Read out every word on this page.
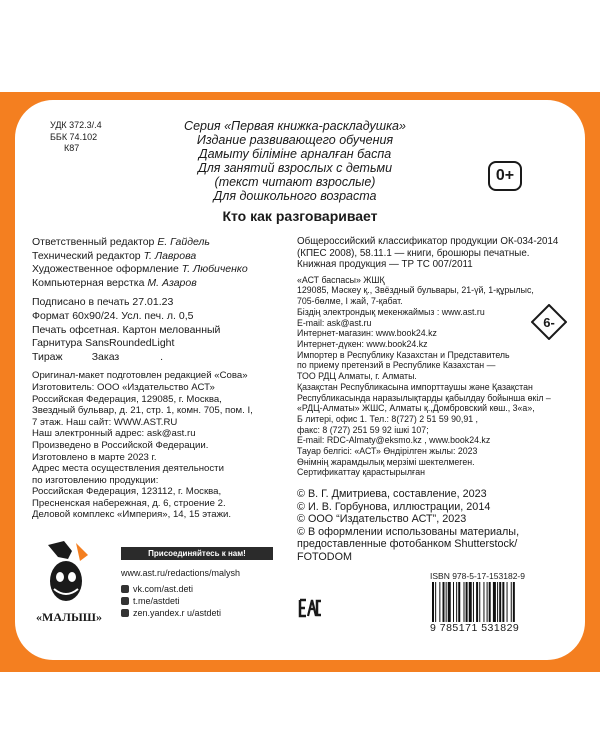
УДК 372.3/.4
ББК 74.102
К87
Серия «Первая книжка-раскладушка»
Издание развивающего обучения
Дамыту біліміне арналған баспа
Для занятий взрослых с детьми
(текст читают взрослые)
Для дошкольного возраста
0+
Кто как разговаривает
Ответственный редактор Е. Гайдель
Технический редактор Т. Лаврова
Художественное оформление Т. Любиченко
Компьютерная верстка М. Азаров
Подписано в печать 27.01.23
Формат 60х90/24. Усл. печ. л. 0,5
Печать офсетная. Картон мелованный
Гарнитура SansRoundedLight
Тираж          Заказ              .
Оригинал-макет подготовлен редакцией «Сова»
Изготовитель: ООО «Издательство АСТ»
Российская Федерация, 129085, г. Москва,
Звездный бульвар, д. 21, стр. 1, комн. 705, пом. I,
7 этаж. Наш сайт: WWW.AST.RU
Наш электронный адрес: ask@ast.ru
Произведено в Российской Федерации.
Изготовлено в марте 2023 г.
Адрес места осуществления деятельности
по изготовлению продукции:
Российская Федерация, 123112, г. Москва,
Пресненская набережная, д. 6, строение 2.
Деловой комплекс «Империя», 14, 15 этажи.
Общероссийский классификатор продукции ОК-034-2014
(КПЕС 2008), 58.11.1 — книги, брошюры печатные.
Книжная продукция — ТР ТС 007/2011
«АСТ баспасы» ЖШҚ
129085, Мәскеу қ., Звёздный бульвары, 21-үй, 1-құрылыс,
705-бөлме, I жай, 7-қабат.
Біздің электрондық мекенжаймыз : www.ast.ru
E-mail: ask@ast.ru
Интернет-магазин: www.book24.kz
Интернет-дүкен: www.book24.kz
Импортер в Республику Казахстан и Представитель
по приему претензий в Республике Казахстан —
ТОО РДЦ Алматы, г. Алматы.
Қазақстан Республикасына импорттаушы және Қазақстан
Республикасында наразылықтарды қабылдау бойынша өкіл –
«РДЦ-Алматы» ЖШС, Алматы қ.,Домбровский көш., 3«а»,
Б литері, офис 1. Тел.: 8(727) 2 51 59 90,91 ,
факс: 8 (727) 251 59 92 ішкі 107;
E-mail: RDC-Almaty@eksmo.kz , www.book24.kz
Тауар белгісі: «АСТ» Өндірілген жылы: 2023
Өнімнің жарамдылық мерзімі шектелмеген.
Сертификаттау қарастырылған
6-
© В. Г. Дмитриева, составление, 2023
© И. В. Горбунова, иллюстрации, 2014
© ООО “Издательство АСТ”, 2023
© В оформлении использованы материалы,
предоставленные фотобанком Shutterstock/
FOTODOM
«МАЛЫШ»
Присоединяйтесь к нам!
www.ast.ru/redactions/malysh
vk.com/ast.deti
t.me/astdeti
zen.yandex.r u/astdeti
ISBN 978-5-17-153182-9
9 785171 531829
